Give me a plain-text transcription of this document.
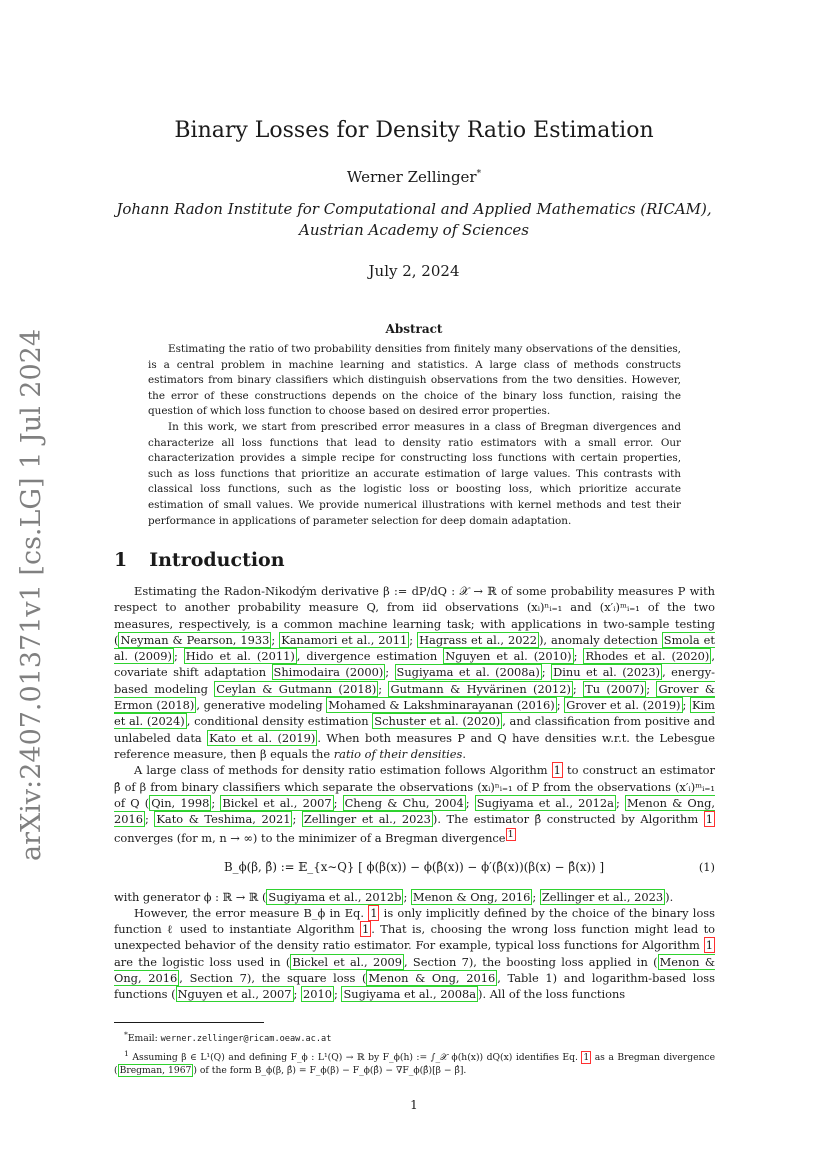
arXiv:2407.01371v1 [cs.LG] 1 Jul 2024
Binary Losses for Density Ratio Estimation
Werner Zellinger*
Johann Radon Institute for Computational and Applied Mathematics (RICAM),
Austrian Academy of Sciences
July 2, 2024
Abstract

Estimating the ratio of two probability densities from finitely many observations of the densities, is a central problem in machine learning and statistics. A large class of methods constructs estimators from binary classifiers which distinguish observations from the two densities. However, the error of these constructions depends on the choice of the binary loss function, raising the question of which loss function to choose based on desired error properties.

In this work, we start from prescribed error measures in a class of Bregman divergences and characterize all loss functions that lead to density ratio estimators with a small error. Our characterization provides a simple recipe for constructing loss functions with certain properties, such as loss functions that prioritize an accurate estimation of large values. This contrasts with classical loss functions, such as the logistic loss or boosting loss, which prioritize accurate estimation of small values. We provide numerical illustrations with kernel methods and test their performance in applications of parameter selection for deep domain adaptation.

1 Introduction

Estimating the Radon-Nikodým derivative β := dP/dQ : 𝒳 → ℝ of some probability measures P with respect to another probability measure Q, from iid observations (xᵢ)ⁿᵢ₌₁ and (x′ᵢ)ᵐᵢ₌₁ of the two measures, respectively, is a common machine learning task; with applications in two-sample testing ( Neyman & Pearson, 1933 ; Kanamori et al., 2011 ; Hagrass et al., 2022 ), anomaly detection Smola et al. (2009) ; Hido et al. (2011) , divergence estimation Nguyen et al. (2010) ; Rhodes et al. (2020) , covariate shift adaptation Shimodaira (2000) ; Sugiyama et al. (2008a) ; Dinu et al. (2023) , energy-based modeling Ceylan & Gutmann (2018) ; Gutmann & Hyvärinen (2012) ; Tu (2007) ; Grover & Ermon (2018) , generative modeling Mohamed & Lakshminarayanan (2016) ; Grover et al. (2019) ; Kim et al. (2024) , conditional density estimation Schuster et al. (2020) , and classification from positive and unlabeled data Kato et al. (2019) . When both measures P and Q have densities w.r.t. the Lebesgue reference measure, then β equals the ratio of their densities.

A large class of methods for density ratio estimation follows Algorithm 1 to construct an estimator β̂ of β from binary classifiers which separate the observations (xᵢ)ⁿᵢ₌₁ of P from the observations (x′ᵢ)ᵐᵢ₌₁ of Q ( Qin, 1998 ; Bickel et al., 2007 ; Cheng & Chu, 2004 ; Sugiyama et al., 2012a ; Menon & Ong, 2016 ; Kato & Teshima, 2021 ; Zellinger et al., 2023 ). The estimator β̂ constructed by Algorithm 1 converges (for m, n → ∞) to the minimizer of a Bregman divergence $^1$

B_ϕ(β, β̂) := 𝔼_{x∼Q} [ ϕ(β(x)) − ϕ(β̂(x)) − ϕ′(β̂(x))(β(x) − β̂(x)) ]	(1)

with generator ϕ : ℝ → ℝ ( Sugiyama et al., 2012b ; Menon & Ong, 2016 ; Zellinger et al., 2023 ).

However, the error measure B_ϕ in Eq. 1 is only implicitly defined by the choice of the binary loss function ℓ used to instantiate Algorithm 1 . That is, choosing the wrong loss function might lead to unexpected behavior of the density ratio estimator. For example, typical loss functions for Algorithm 1 are the logistic loss used in ( Bickel et al., 2009 , Section 7), the boosting loss applied in ( Menon & Ong, 2016 , Section 7), the square loss ( Menon & Ong, 2016 , Table 1) and logarithm-based loss functions ( Nguyen et al., 2007 ; 2010 ; Sugiyama et al., 2008a ). All of the loss functions

*Email: werner.zellinger@ricam.oeaw.ac.at

$^1$ Assuming β ∈ L¹(Q) and defining F_ϕ : L¹(Q) → ℝ by F_ϕ(h) := ∫_𝒳 ϕ(h(x)) dQ(x) identifies Eq. 1 as a Bregman divergence ( Bregman, 1967 ) of the form B_ϕ(β, β̂) = F_ϕ(β) − F_ϕ(β̂) − ∇F_ϕ(β̂)[β − β̂].

1
